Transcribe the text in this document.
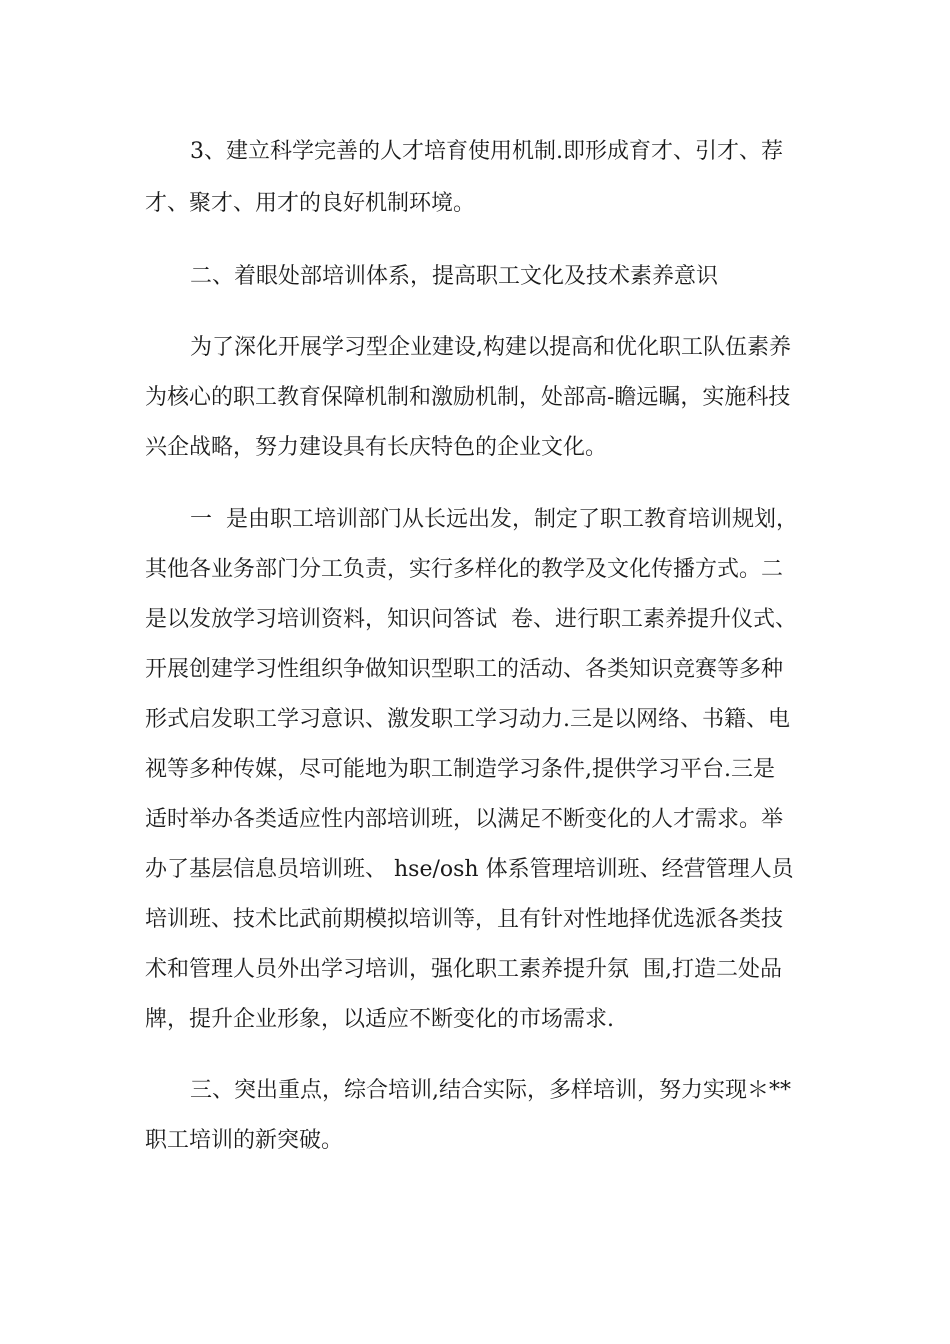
3、建立科学完善的人才培育使用机制.即形成育才、引才、荐

才、聚才、用才的良好机制环境。

二、着眼处部培训体系，提高职工文化及技术素养意识

为了深化开展学习型企业建设,构建以提高和优化职工队伍素养

为核心的职工教育保障机制和激励机制，处部高-瞻远瞩，实施科技

兴企战略，努力建设具有长庆特色的企业文化。

一  是由职工培训部门从长远出发，制定了职工教育培训规划，

其他各业务部门分工负责，实行多样化的教学及文化传播方式。二

是以发放学习培训资料，知识问答试  卷、进行职工素养提升仪式、

开展创建学习性组织争做知识型职工的活动、各类知识竞赛等多种

形式启发职工学习意识、激发职工学习动力.三是以网络、书籍、电

视等多种传媒，尽可能地为职工制造学习条件,提供学习平台.三是

适时举办各类适应性内部培训班，以满足不断变化的人才需求。举

办了基层信息员培训班、 hse/osh 体系管理培训班、经营管理人员

培训班、技术比武前期模拟培训等，且有针对性地择优选派各类技

术和管理人员外出学习培训，强化职工素养提升氛  围,打造二处品

牌，提升企业形象，以适应不断变化的市场需求.

三、突出重点，综合培训,结合实际，多样培训，努力实现＊**

职工培训的新突破。
